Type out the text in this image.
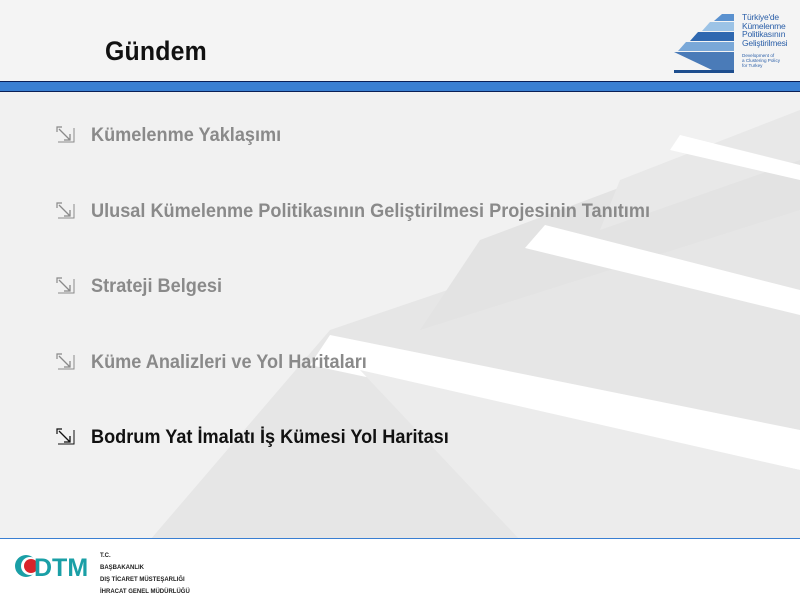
Gündem
Türkiye'de
Kümelenme
Politikasının
Geliştirilmesi
Development of
a Clustering Policy
for Turkey
Kümelenme Yaklaşımı
Ulusal Kümelenme Politikasının Geliştirilmesi Projesinin Tanıtımı
Strateji Belgesi
Küme Analizleri ve Yol Haritaları
Bodrum Yat İmalatı İş Kümesi Yol Haritası
DTM T.C.
BAŞBAKANLIK
DIŞ TİCARET MÜSTEŞARLIĞI
İHRACAT GENEL MÜDÜRLÜĞÜ
